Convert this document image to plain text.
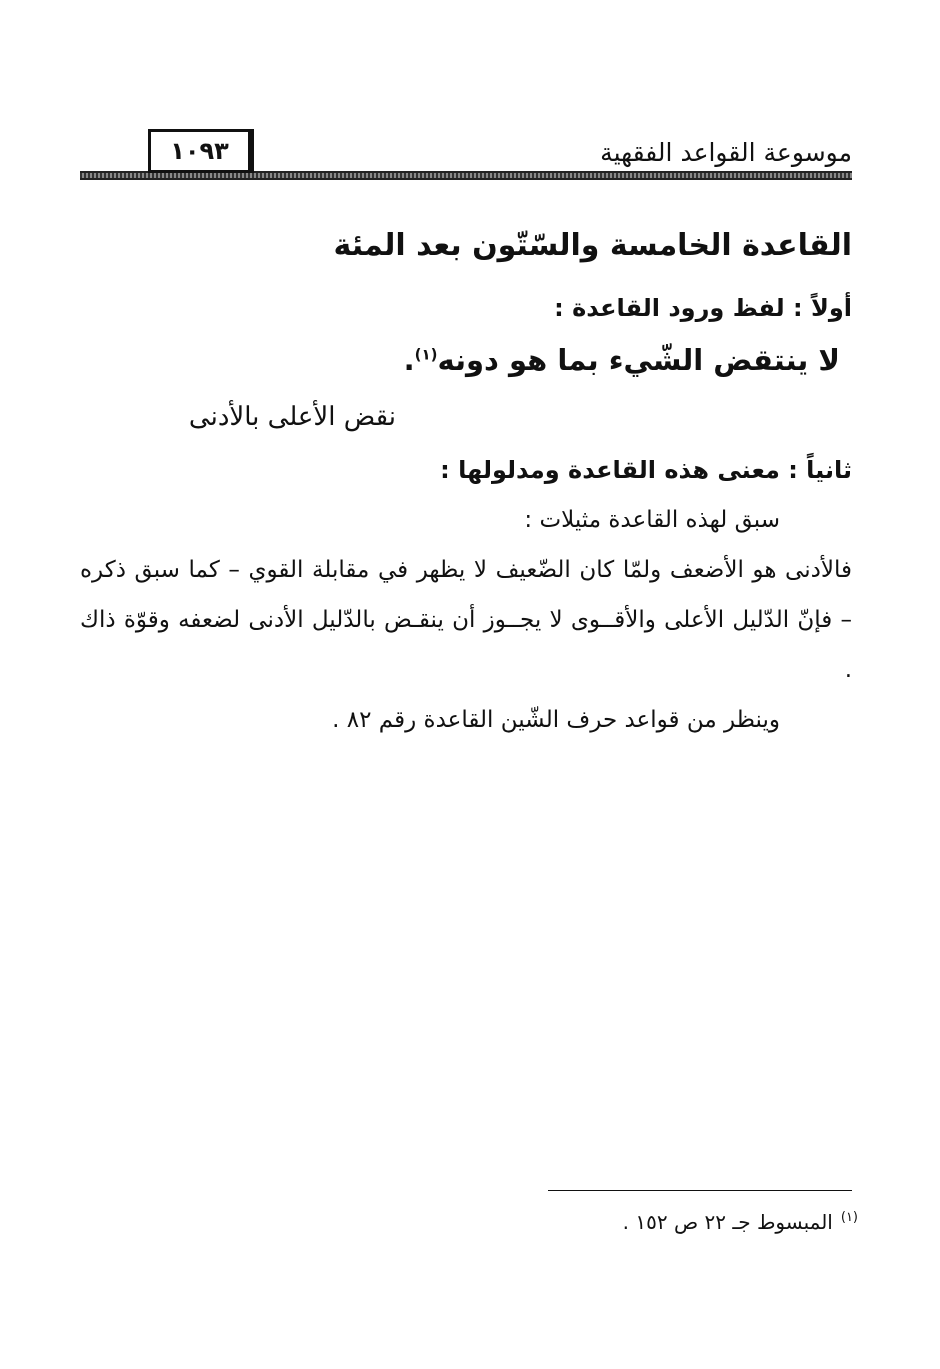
١٠٩٣	موسوعة القواعد الفقهية
القاعدة الخامسة والسّتّون بعد المئة
أولاً : لفظ ورود القاعدة :
لا ينتقض الشّيء بما هو دونه$^{(١)}$.
نقض الأعلى بالأدنى
ثانياً : معنى هذه القاعدة ومدلولها :
سبق لهذه القاعدة مثيلات :
فالأدنى هو الأضعف ولمّا كان الضّعيف لا يظهر في مقابلة القوي – كما سبق ذكره – فإنّ الدّليل الأعلى والأقــوى لا يجــوز أن ينقـض بالدّليل الأدنى لضعفه وقوّة ذاك .
وينظر من قواعد حرف الشّين القاعدة رقم ٨٢ .
$^{(١)}$المبسوط جـ ٢٢ ص ١٥٢ .
